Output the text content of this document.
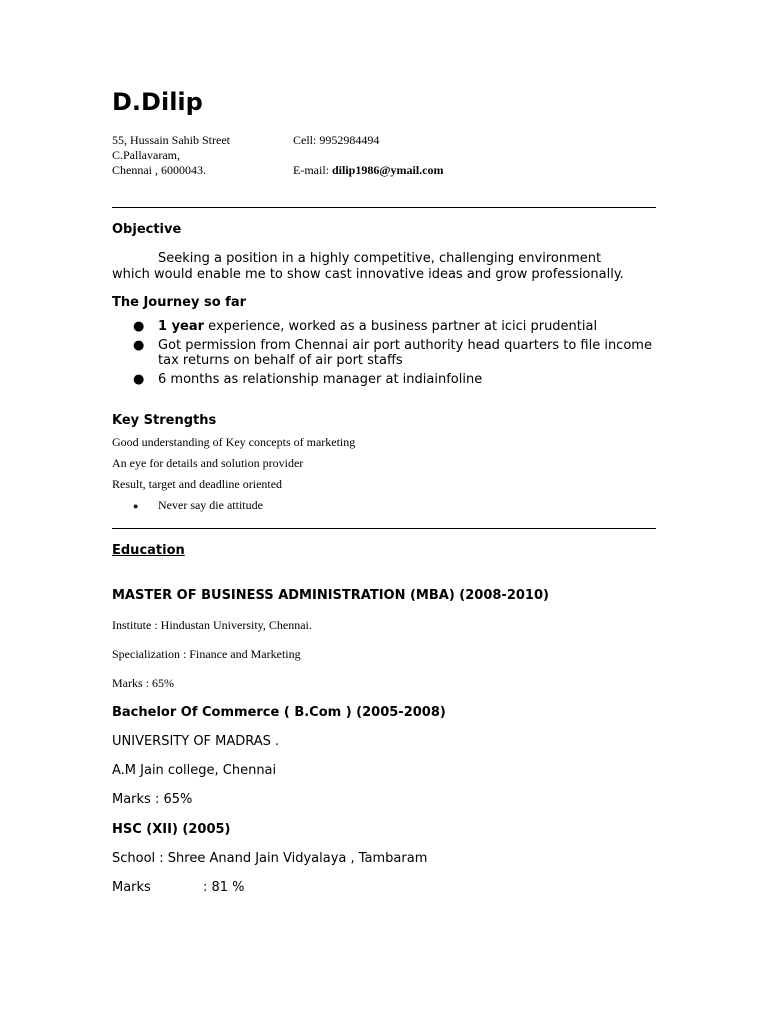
D.Dilip
55, Hussain Sahib Street
C.Pallavaram,
Chennai , 6000043.
Cell: 9952984494
E-mail: dilip1986@ymail.com
Objective
Seeking a position in a highly competitive, challenging environment which would enable me to show cast innovative ideas and grow professionally.
The Journey so far
● 1 year experience, worked as a business partner at icici prudential
● Got permission from Chennai air port authority head quarters to file income tax returns on behalf of air port staffs
● 6 months as relationship manager at indiainfoline
Key Strengths
Good understanding of Key concepts of marketing
An eye for details and solution provider
Result, target and deadline oriented
● Never say die attitude
Education
MASTER OF BUSINESS ADMINISTRATION (MBA) (2008-2010)
Institute : Hindustan University, Chennai.
Specialization : Finance and Marketing
Marks : 65%
Bachelor Of Commerce ( B.Com ) (2005-2008)
UNIVERSITY OF MADRAS .
A.M Jain college, Chennai
Marks : 65%
HSC (XII) (2005)
School : Shree Anand Jain Vidyalaya , Tambaram
Marks	: 81 %
